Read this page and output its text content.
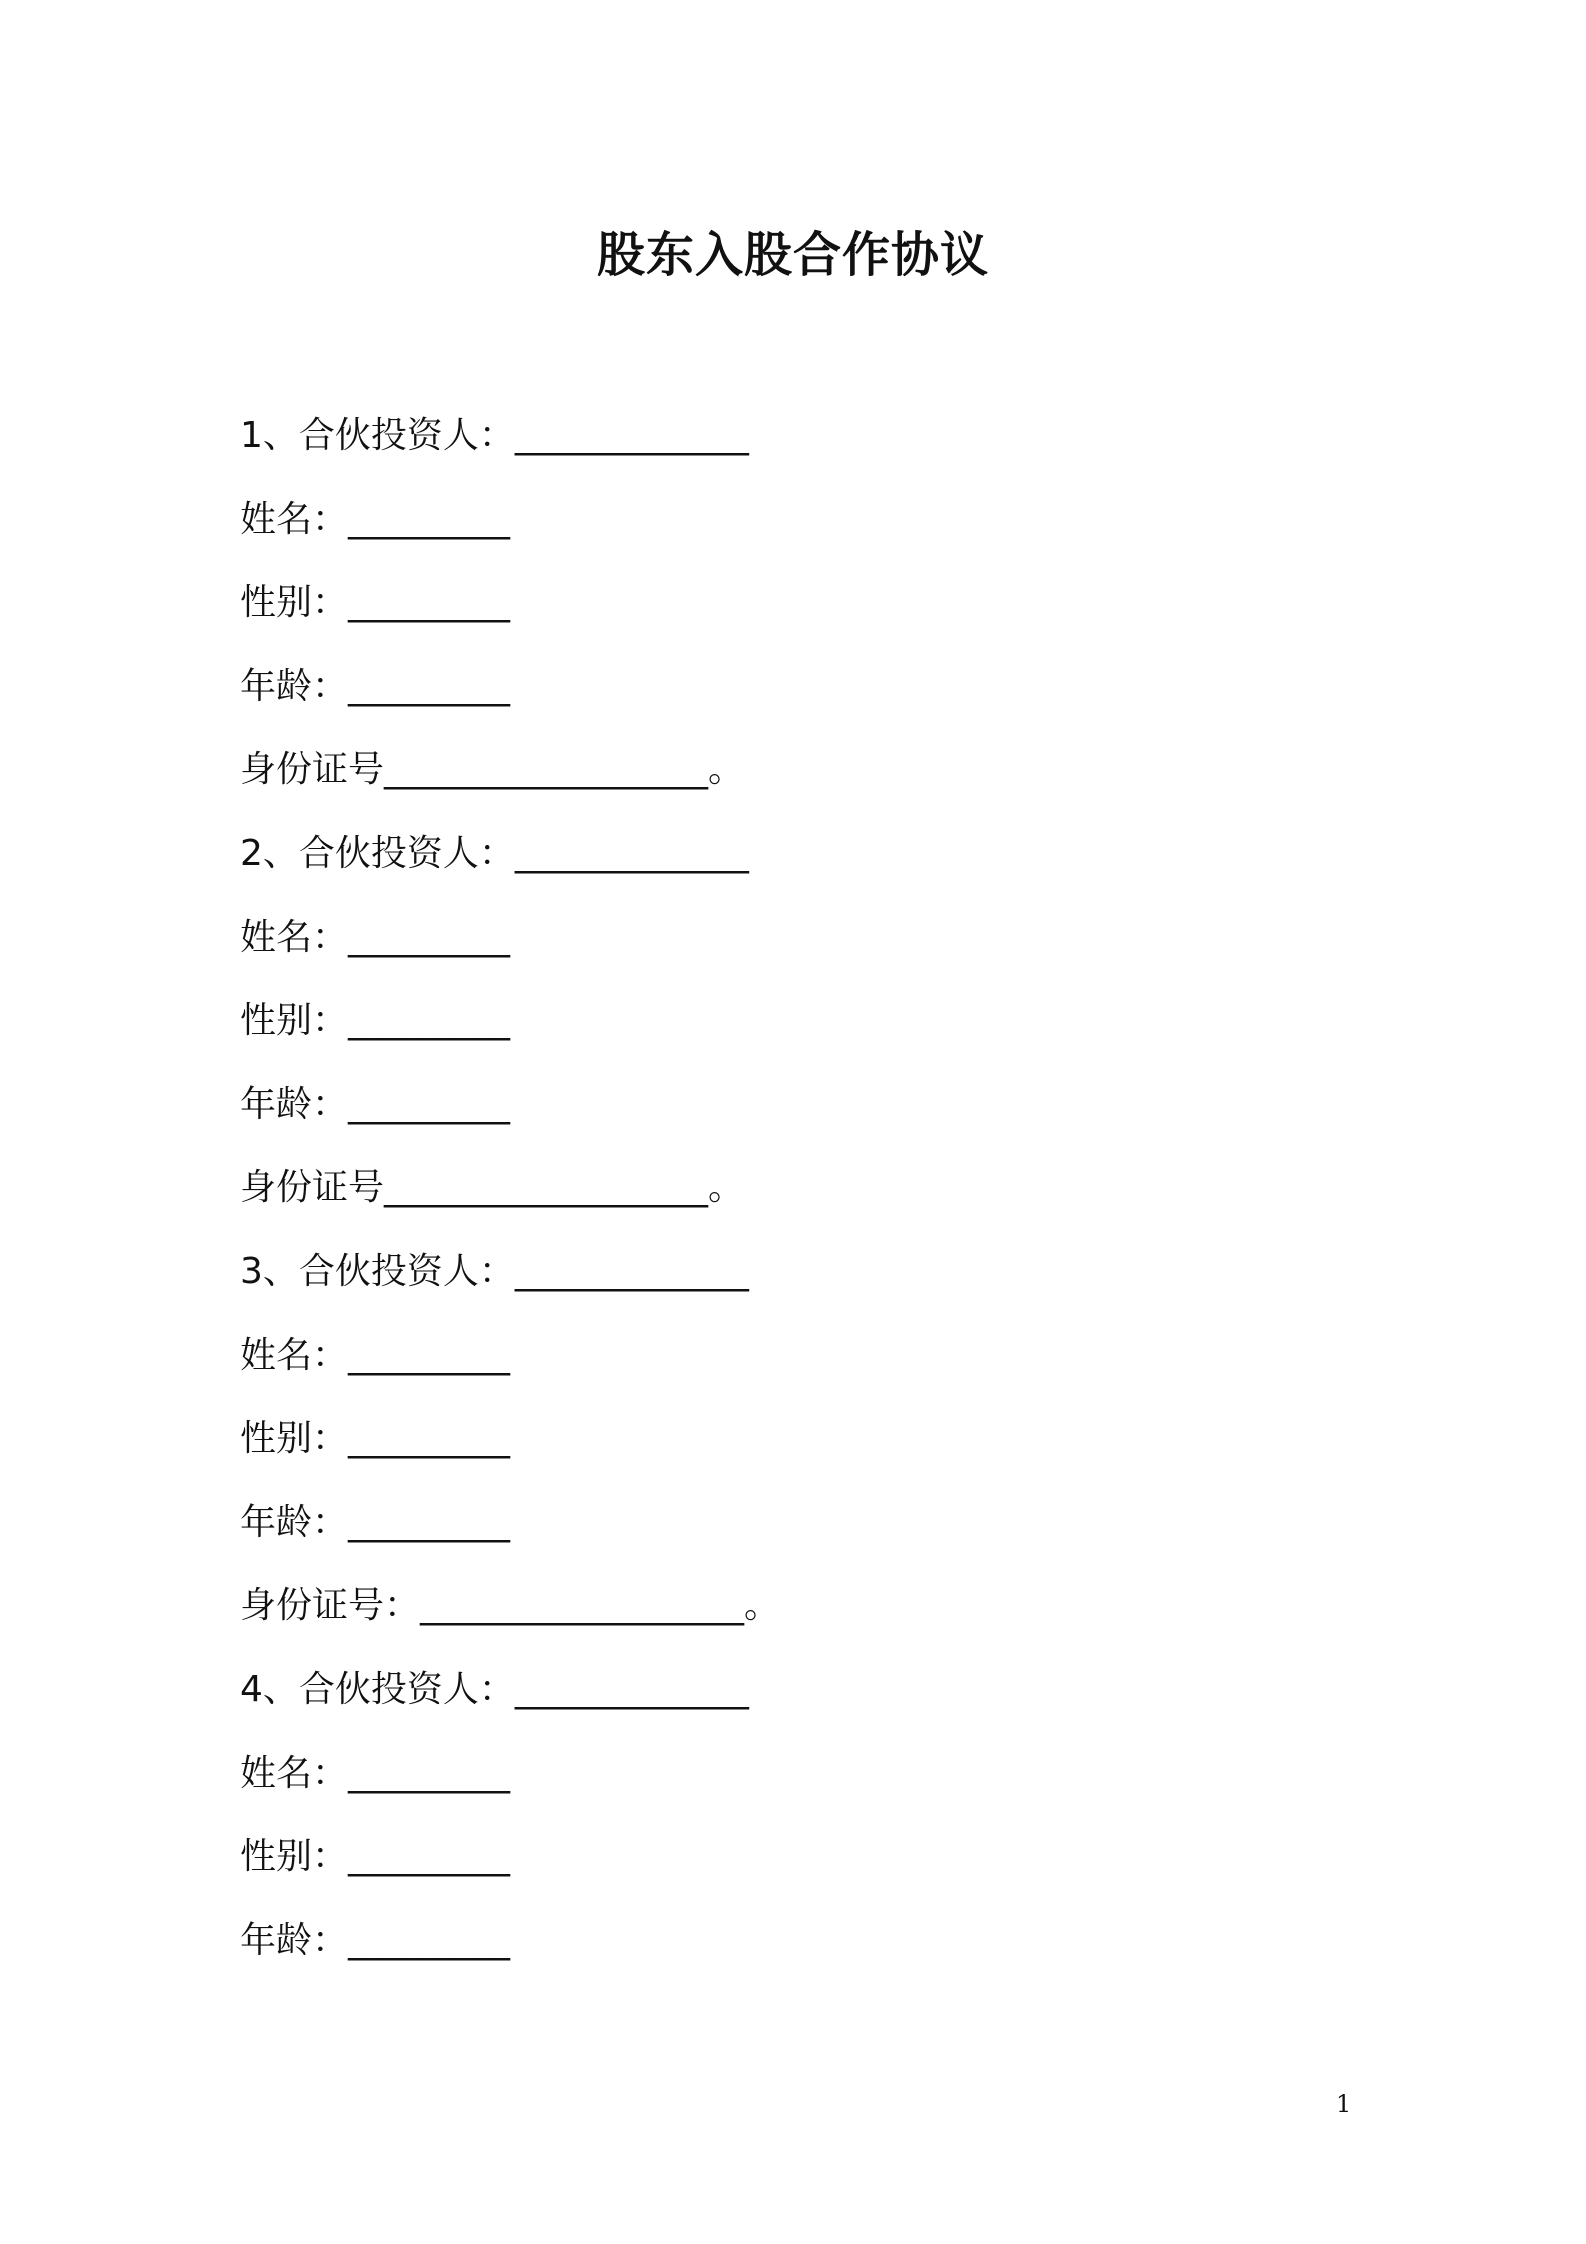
股东入股合作协议
1、合伙投资人：_____________
姓名：_________
性别：_________
年龄：_________
身份证号__________________。
2、合伙投资人：_____________
姓名：_________
性别：_________
年龄：_________
身份证号__________________。
3、合伙投资人：_____________
姓名：_________
性别：_________
年龄：_________
身份证号：__________________。
4、合伙投资人：_____________
姓名：_________
性别：_________
年龄：_________
1
